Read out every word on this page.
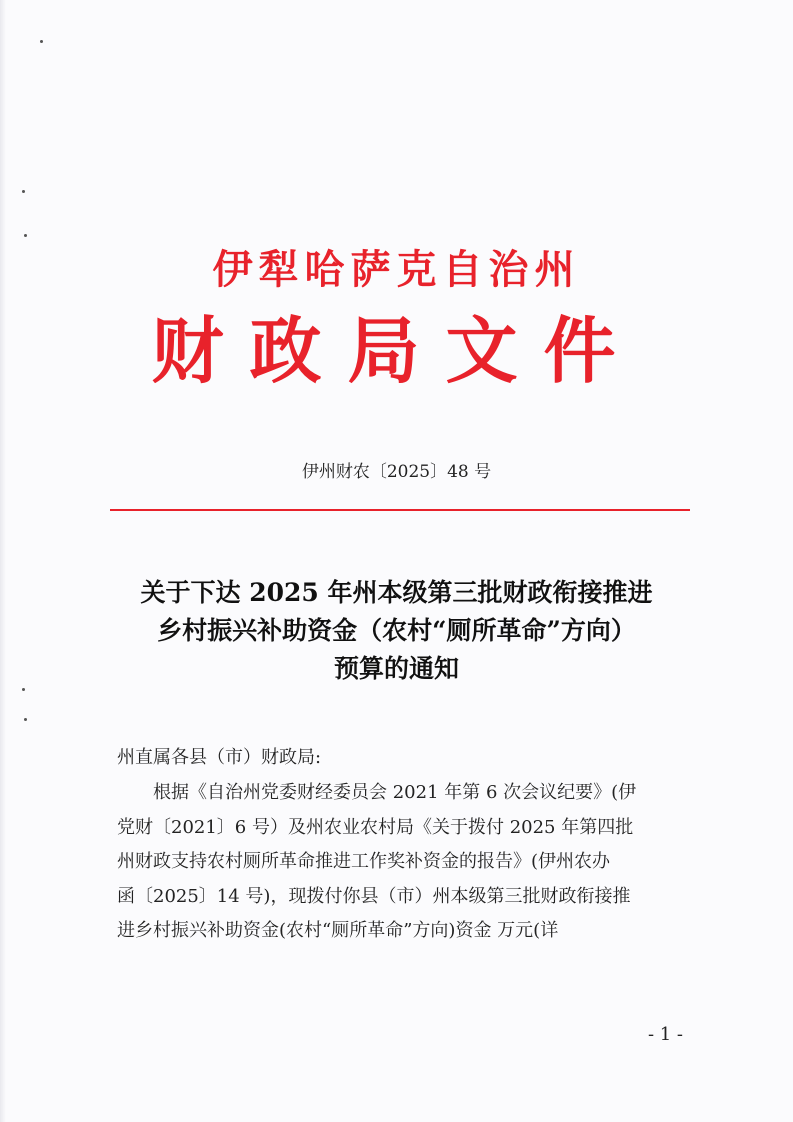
伊犁哈萨克自治州
财政局文件
伊州财农〔2025〕48 号
关于下达 2025 年州本级第三批财政衔接推进
乡村振兴补助资金（农村“厕所革命”方向）
预算的通知
州直属各县（市）财政局:
根据《自治州党委财经委员会 2021 年第 6 次会议纪要》(伊
党财〔2021〕6 号）及州农业农村局《关于拨付 2025 年第四批
州财政支持农村厕所革命推进工作奖补资金的报告》(伊州农办
函〔2025〕14 号)，现拨付你县（市）州本级第三批财政衔接推
进乡村振兴补助资金(农村“厕所革命”方向)资金 万元(详
- 1 -
